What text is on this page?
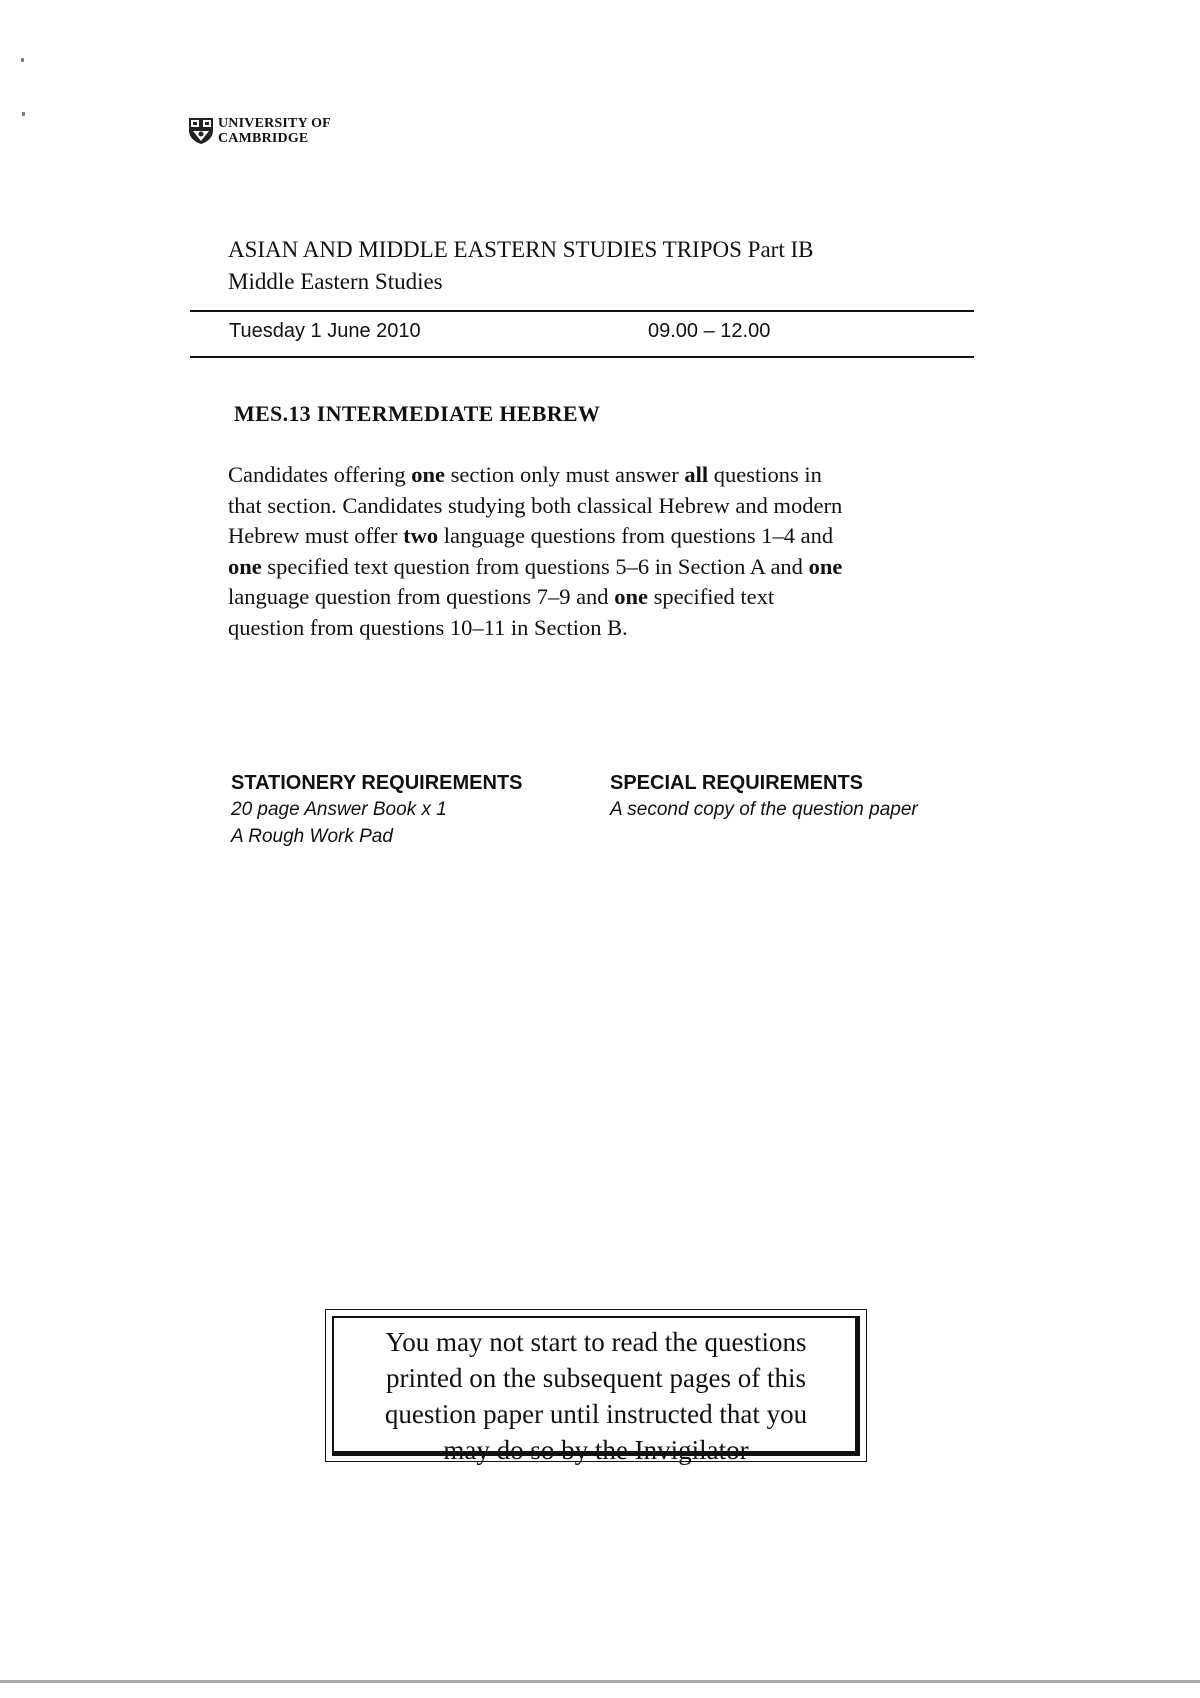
UNIVERSITY OF
CAMBRIDGE
ASIAN AND MIDDLE EASTERN STUDIES TRIPOS Part IB
Middle Eastern Studies
Tuesday 1 June 2010	09.00 – 12.00
MES.13 INTERMEDIATE HEBREW
Candidates offering one section only must answer all questions in
that section. Candidates studying both classical Hebrew and modern
Hebrew must offer two language questions from questions 1–4 and
one specified text question from questions 5–6 in Section A and one
language question from questions 7–9 and one specified text
question from questions 10–11 in Section B.
STATIONERY REQUIREMENTS
20 page Answer Book x 1
A Rough Work Pad
SPECIAL REQUIREMENTS
A second copy of the question paper
You may not start to read the questions
printed on the subsequent pages of this
question paper until instructed that you
may do so by the Invigilator
